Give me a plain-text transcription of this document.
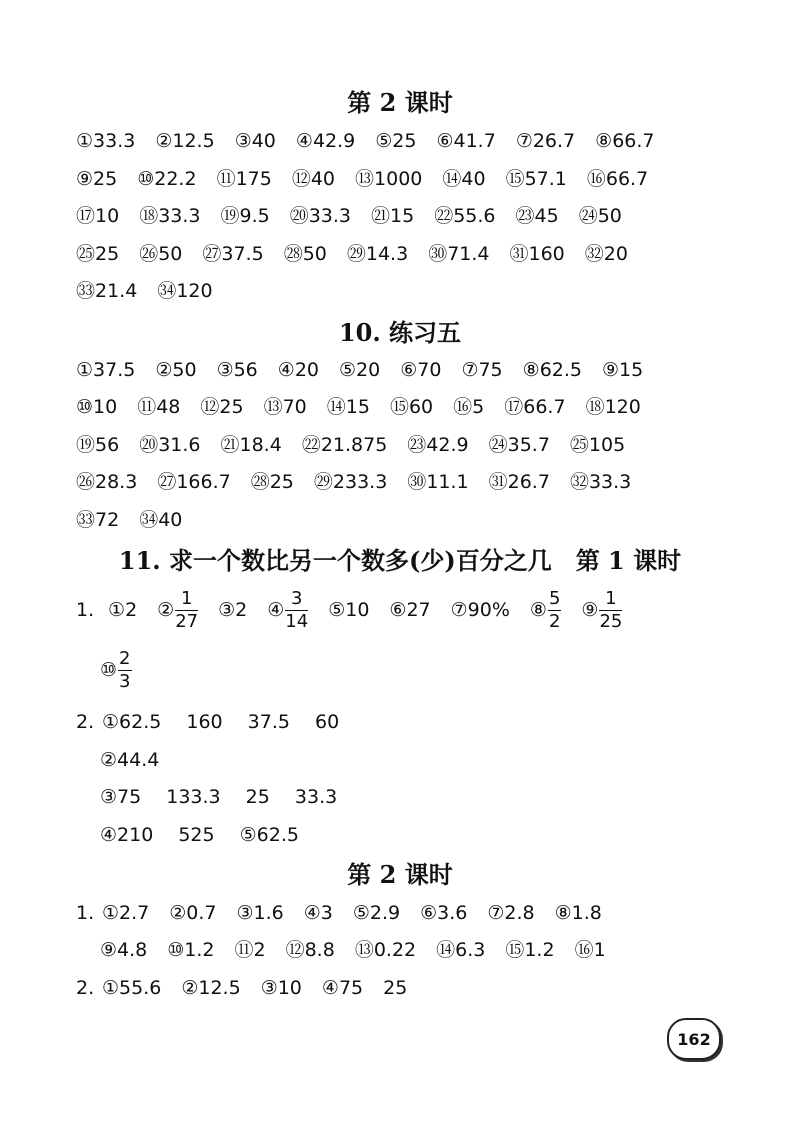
第 2 课时
①33.3 ②12.5 ③40 ④42.9 ⑤25 ⑥41.7 ⑦26.7 ⑧66.7
⑨25 ⑩22.2 ⑪175 ⑫40 ⑬1000 ⑭40 ⑮57.1 ⑯66.7
⑰10 ⑱33.3 ⑲9.5 ⑳33.3 ㉑15 ㉒55.6 ㉓45 ㉔50
㉕25 ㉖50 ㉗37.5 ㉘50 ㉙14.3 ㉚71.4 ㉛160 ㉜20
㉝21.4 ㉞120
10. 练习五
①37.5 ②50 ③56 ④20 ⑤20 ⑥70 ⑦75 ⑧62.5 ⑨15
⑩10 ⑪48 ⑫25 ⑬70 ⑭15 ⑮60 ⑯5 ⑰66.7 ⑱120
⑲56 ⑳31.6 ㉑18.4 ㉒21.875 ㉓42.9 ㉔35.7 ㉕105
㉖28.3 ㉗166.7 ㉘25 ㉙233.3 ㉚11.1 ㉛26.7 ㉜33.3
㉝72 ㉞40
11. 求一个数比另一个数多(少)百分之几　第 1 课时
1. ①2 ② $\frac{1}{27}$ ③2 ④ $\frac{3}{14}$ ⑤10 ⑥27 ⑦90% ⑧ $\frac{5}{2}$ ⑨ $\frac{1}{25}$
⑩ $\frac{2}{3}$
2. ①62.5　 160　 37.5　 60
②44.4
③75　 133.3　 25　 33.3
④210　 525　 ⑤62.5
第 2 课时
1. ①2.7 ②0.7 ③1.6 ④3 ⑤2.9 ⑥3.6 ⑦2.8 ⑧1.8
⑨4.8 ⑩1.2 ⑪2 ⑫8.8 ⑬0.22 ⑭6.3 ⑮1.2 ⑯1
2. ①55.6 ②12.5 ③10 ④75 25
162
